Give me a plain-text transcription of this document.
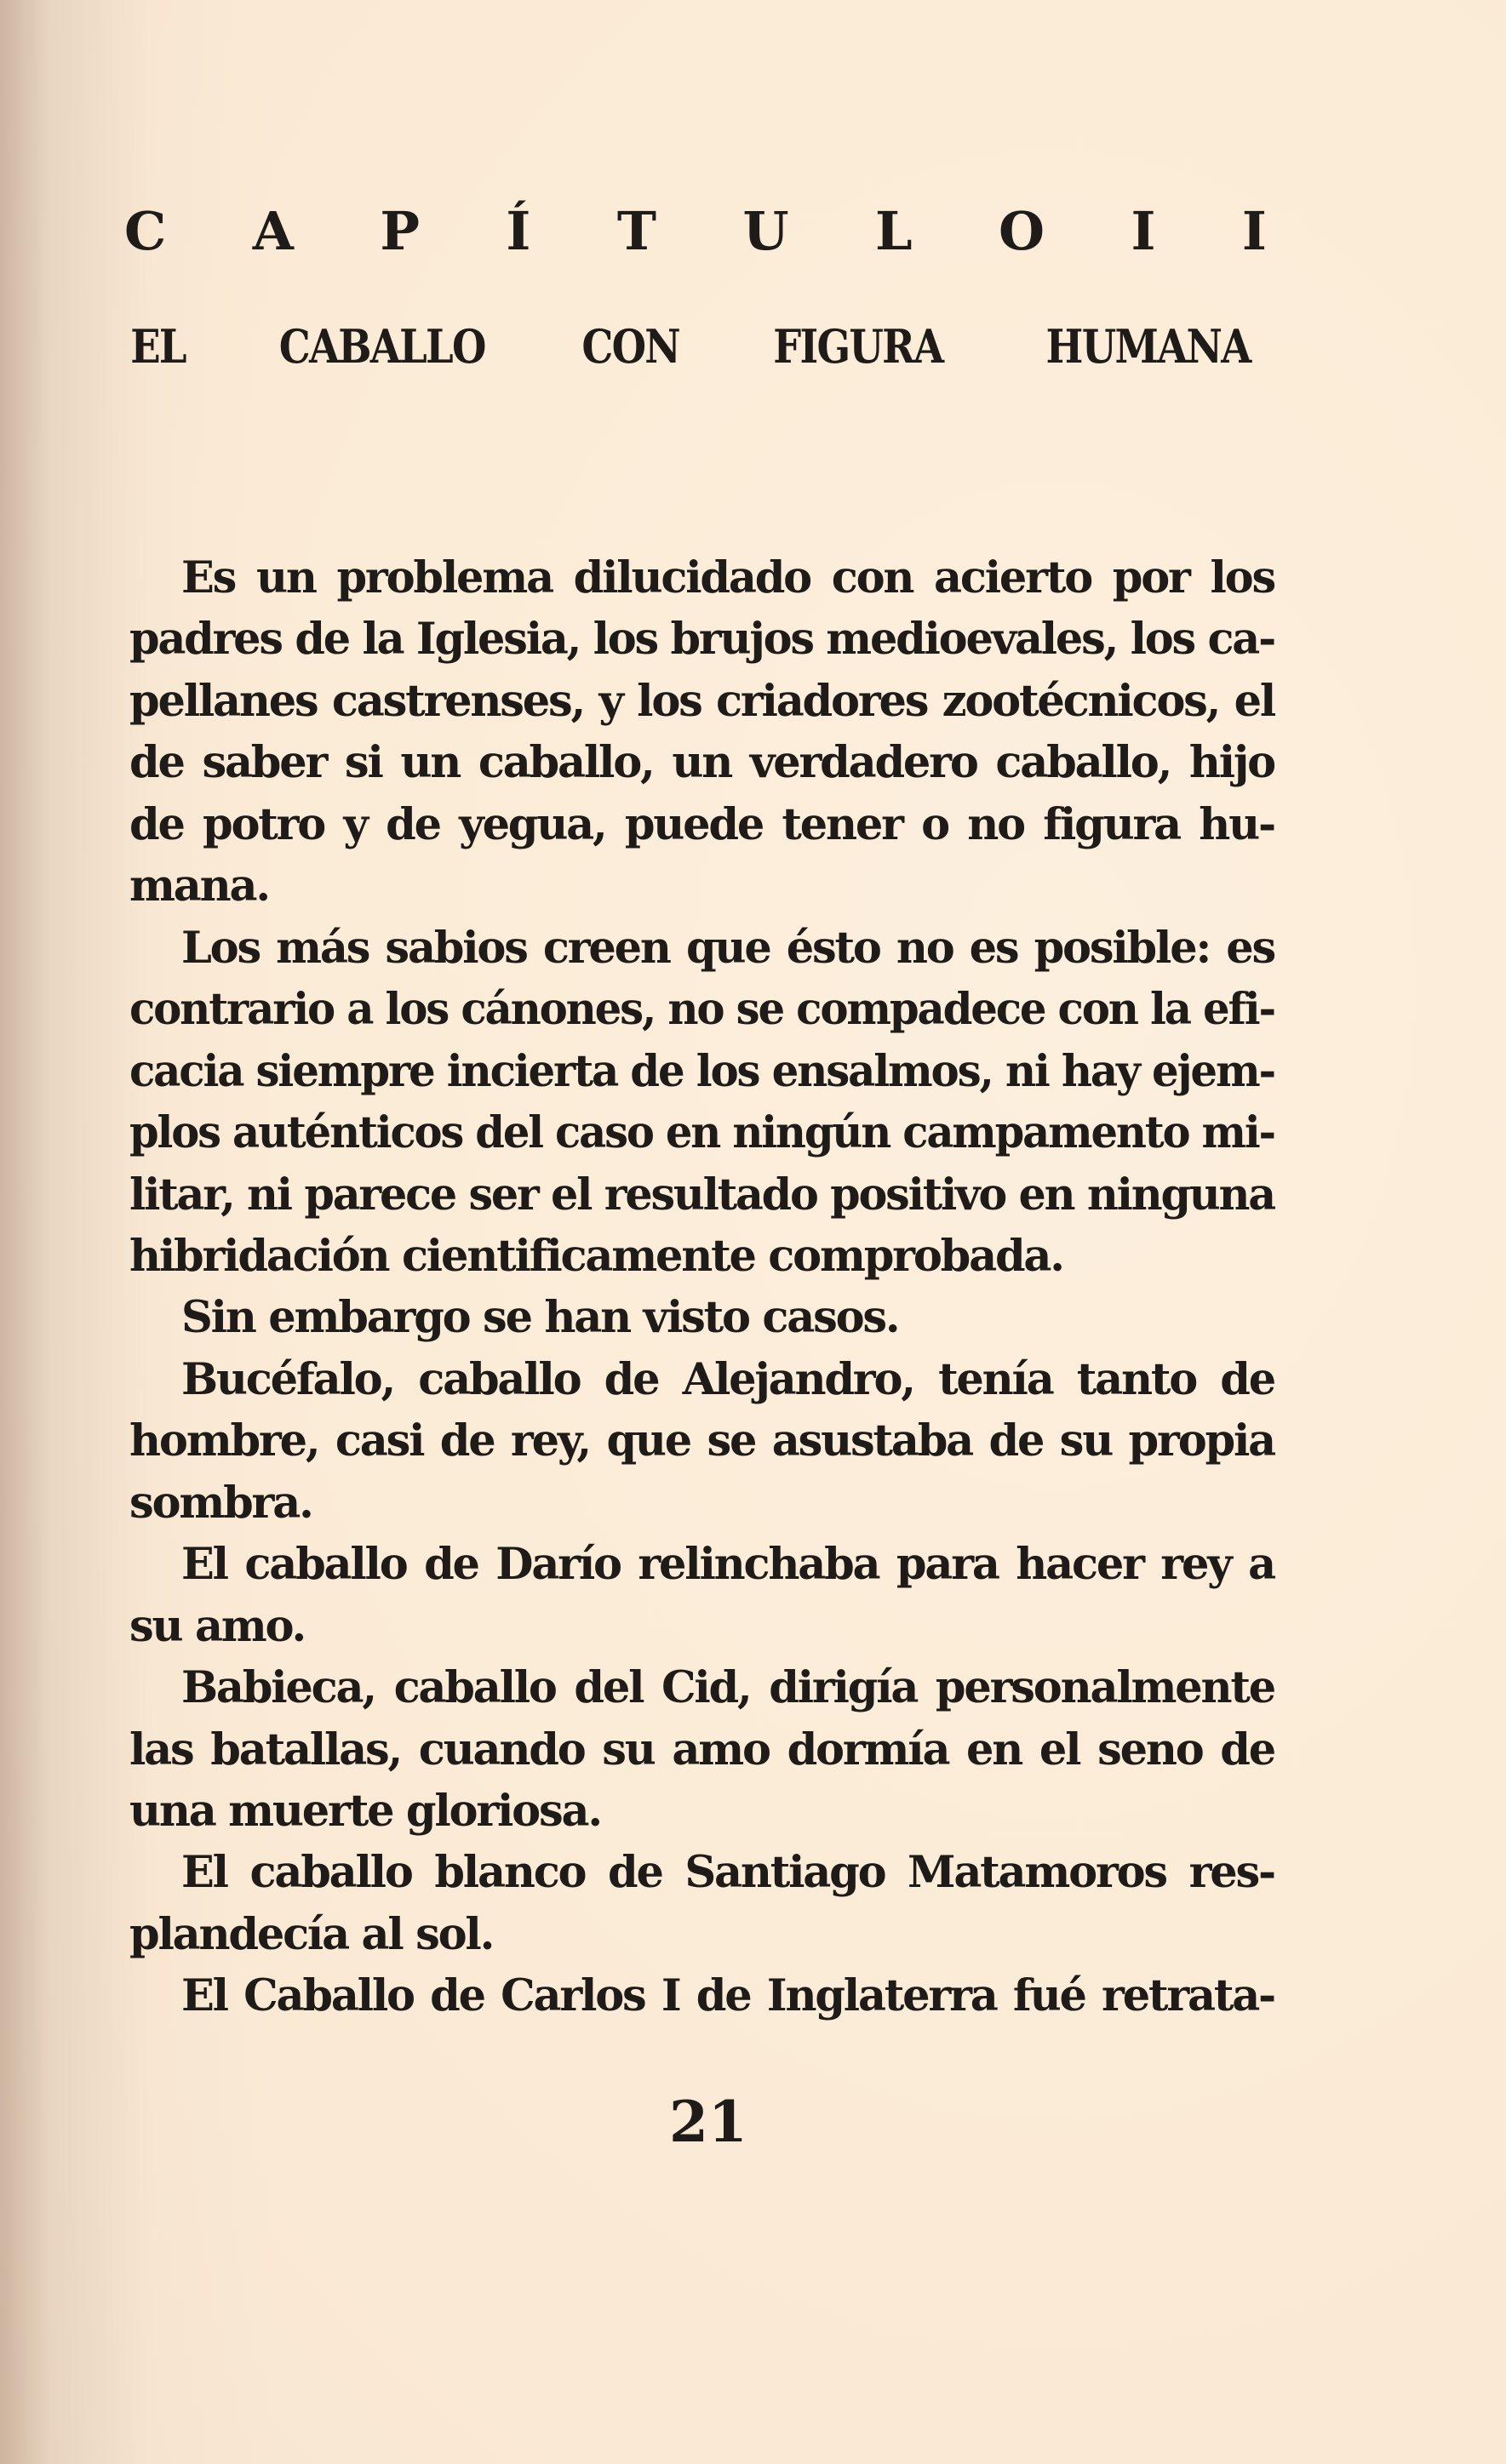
C A P Í T U L O I I
EL CABALLO CON FIGURA HUMANA
Es un problema dilucidado con acierto por los
padres de la Iglesia, los brujos medioevales, los ca-
pellanes castrenses, y los criadores zootécnicos, el
de saber si un caballo, un verdadero caballo, hijo
de potro y de yegua, puede tener o no figura hu-
mana.
Los más sabios creen que ésto no es posible: es
contrario a los cánones, no se compadece con la efi-
cacia siempre incierta de los ensalmos, ni hay ejem-
plos auténticos del caso en ningún campamento mi-
litar, ni parece ser el resultado positivo en ninguna
hibridación cientificamente comprobada.
Sin embargo se han visto casos.
Bucéfalo, caballo de Alejandro, tenía tanto de
hombre, casi de rey, que se asustaba de su propia
sombra.
El caballo de Darío relinchaba para hacer rey a
su amo.
Babieca, caballo del Cid, dirigía personalmente
las batallas, cuando su amo dormía en el seno de
una muerte gloriosa.
El caballo blanco de Santiago Matamoros res-
plandecía al sol.
El Caballo de Carlos I de Inglaterra fué retrata-
21
